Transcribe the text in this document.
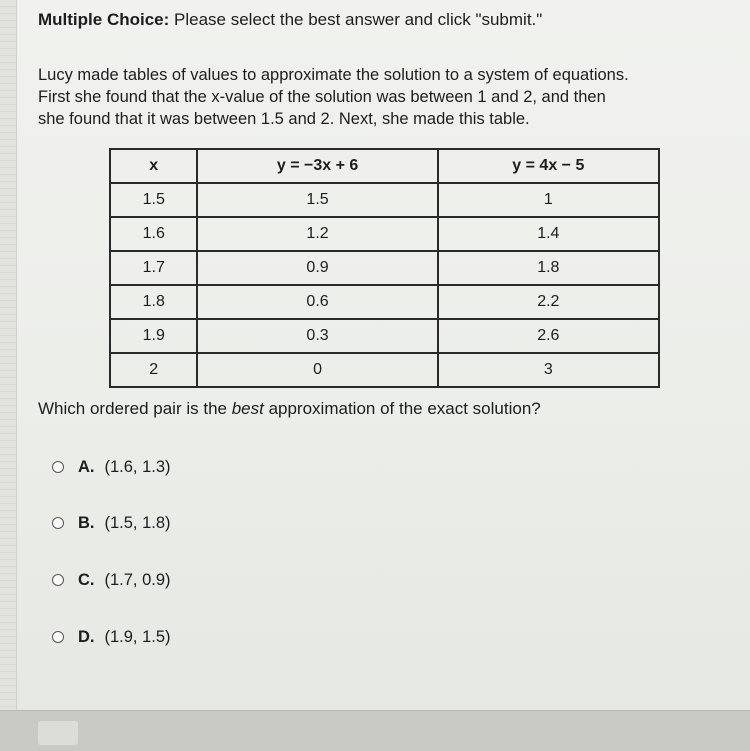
Multiple Choice: Please select the best answer and click "submit."
Lucy made tables of values to approximate the solution to a system of equations.
First she found that the x-value of the solution was between 1 and 2, and then
she found that it was between 1.5 and 2. Next, she made this table.
x	y = −3x + 6	y = 4x − 5
1.5	1.5	1
1.6	1.2	1.4
1.7	0.9	1.8
1.8	0.6	2.2
1.9	0.3	2.6
2	0	3
Which ordered pair is the best approximation of the exact solution?
A. (1.6, 1.3)
B. (1.5, 1.8)
C. (1.7, 0.9)
D. (1.9, 1.5)
